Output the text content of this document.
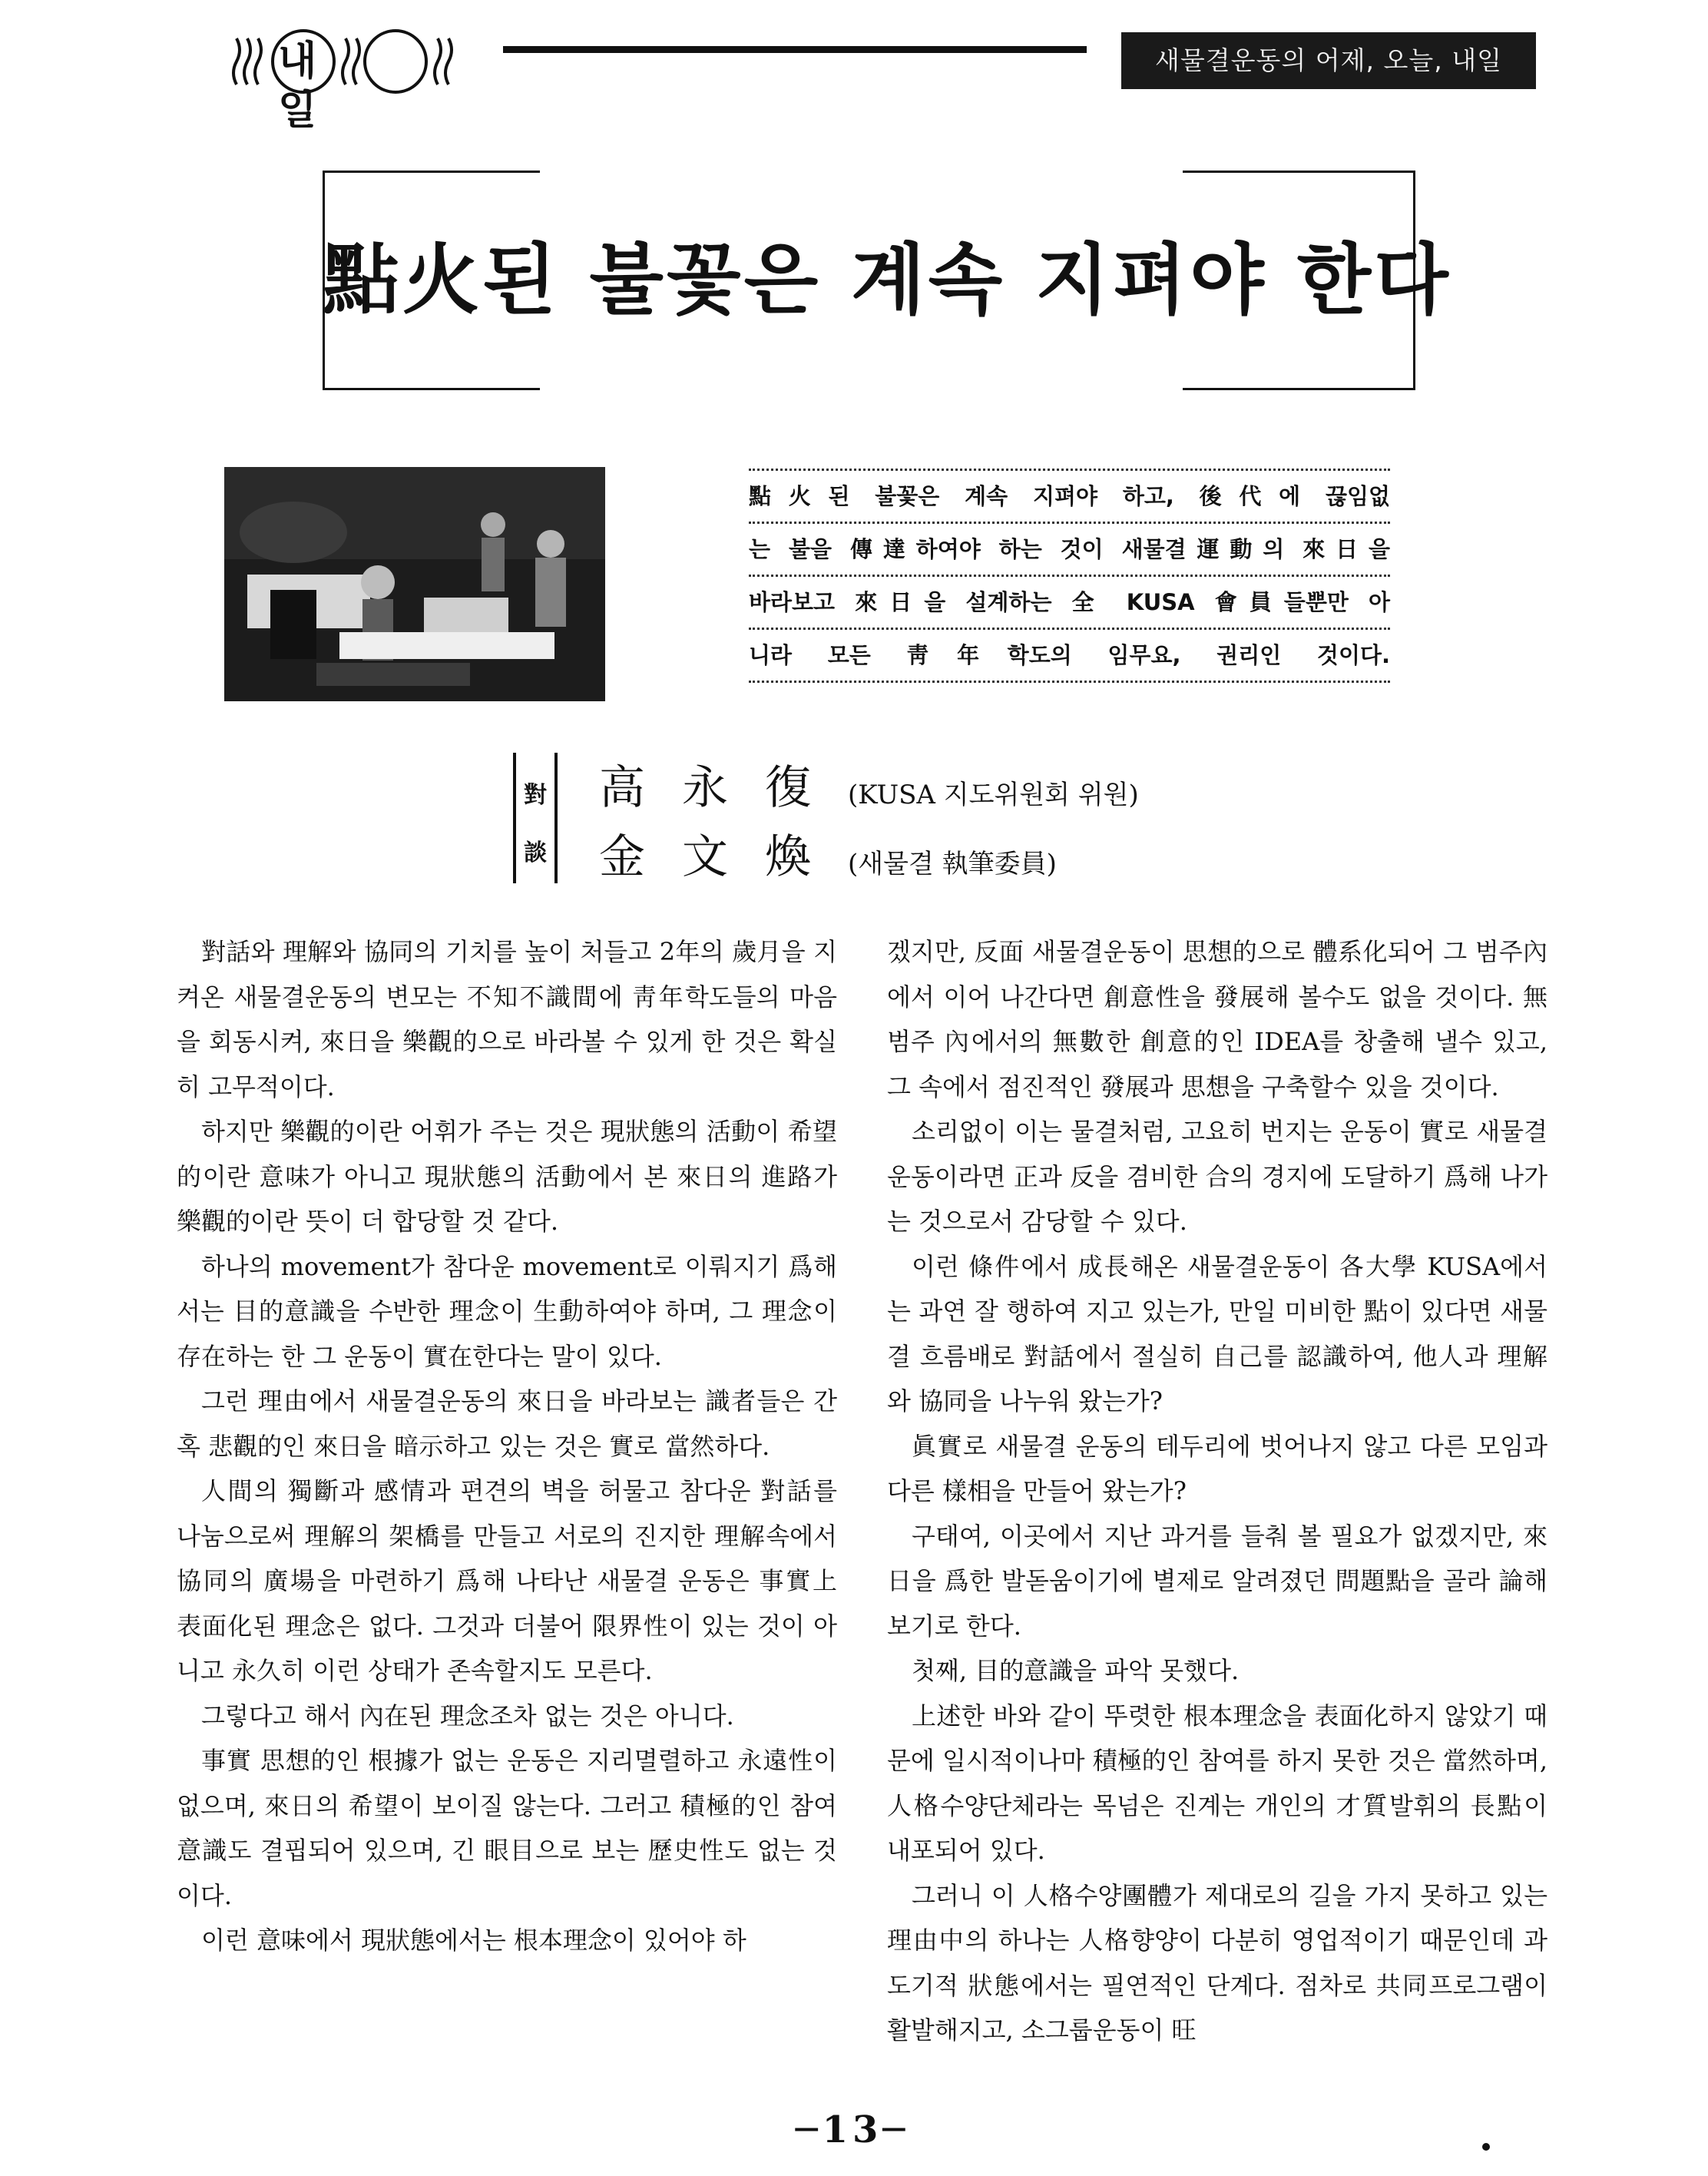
내일
새물결운동의 어제, 오늘, 내일
點火된 불꽃은 계속 지펴야 한다
點火된 불꽃은 계속 지펴야 하고, 後代에 끊임없
는 불을 傳達하여야 하는 것이 새물결運動의 來日을
바라보고 來日을 설계하는 全 KUSA 會員들뿐만 아
니라 모든 靑年학도의 임무요, 권리인 것이다.
對
談
高永復(KUSA 지도위원회 위원)
金文煥(새물결 執筆委員)

對話와 理解와 協同의 기치를 높이 처들고 2年의 歲月을 지켜온 새물결운동의 변모는 不知不識間에 靑年학도들의 마음을 회동시켜, 來日을 樂觀的으로 바라볼 수 있게 한 것은 확실히 고무적이다.

하지만 樂觀的이란 어휘가 주는 것은 現狀態의 活動이 希望的이란 意味가 아니고 現狀態의 活動에서 본 來日의 進路가 樂觀的이란 뜻이 더 합당할 것 같다.

하나의 movement가 참다운 movement로 이뤄지기 爲해서는 目的意識을 수반한 理念이 生動하여야 하며, 그 理念이 存在하는 한 그 운동이 實在한다는 말이 있다.

그런 理由에서 새물결운동의 來日을 바라보는 識者들은 간혹 悲觀的인 來日을 暗示하고 있는 것은 實로 當然하다.

人間의 獨斷과 感情과 편견의 벽을 허물고 참다운 對話를 나눔으로써 理解의 架橋를 만들고 서로의 진지한 理解속에서 協同의 廣場을 마련하기 爲해 나타난 새물결 운동은 事實上 表面化된 理念은 없다. 그것과 더불어 限界性이 있는 것이 아니고 永久히 이런 상태가 존속할지도 모른다.

그렇다고 해서 內在된 理念조차 없는 것은 아니다.

事實 思想的인 根據가 없는 운동은 지리멸렬하고 永遠性이 없으며, 來日의 希望이 보이질 않는다. 그러고 積極的인 참여意識도 결핍되어 있으며, 긴 眼目으로 보는 歷史性도 없는 것이다.

이런 意味에서 現狀態에서는 根本理念이 있어야 하

겠지만, 反面 새물결운동이 思想的으로 體系化되어 그 범주內에서 이어 나간다면 創意性을 發展해 볼수도 없을 것이다. 無범주 內에서의 無數한 創意的인 IDEA를 창출해 낼수 있고, 그 속에서 점진적인 發展과 思想을 구축할수 있을 것이다.

소리없이 이는 물결처럼, 고요히 번지는 운동이 實로 새물결 운동이라면 正과 反을 겸비한 合의 경지에 도달하기 爲해 나가는 것으로서 감당할 수 있다.

이런 條件에서 成長해온 새물결운동이 各大學 KUSA에서는 과연 잘 행하여 지고 있는가, 만일 미비한 點이 있다면 새물결 흐름배로 對話에서 절실히 自己를 認識하여, 他人과 理解와 協同을 나누워 왔는가?

眞實로 새물결 운동의 테두리에 벗어나지 않고 다른 모임과 다른 樣相을 만들어 왔는가?

구태여, 이곳에서 지난 과거를 들춰 볼 필요가 없겠지만, 來日을 爲한 발돋움이기에 별제로 알려졌던 問題點을 골라 論해보기로 한다.

첫째, 目的意識을 파악 못했다.

上述한 바와 같이 뚜렷한 根本理念을 表面化하지 않았기 때문에 일시적이나마 積極的인 참여를 하지 못한 것은 當然하며, 人格수양단체라는 목넘은 진계는 개인의 才質발휘의 長點이 내포되어 있다.

그러니 이 人格수양團體가 제대로의 길을 가지 못하고 있는 理由中의 하나는 人格향양이 다분히 영업적이기 때문인데 과도기적 狀態에서는 필연적인 단계다. 점차로 共同프로그램이 활발해지고, 소그룹운동이 旺

─13─
